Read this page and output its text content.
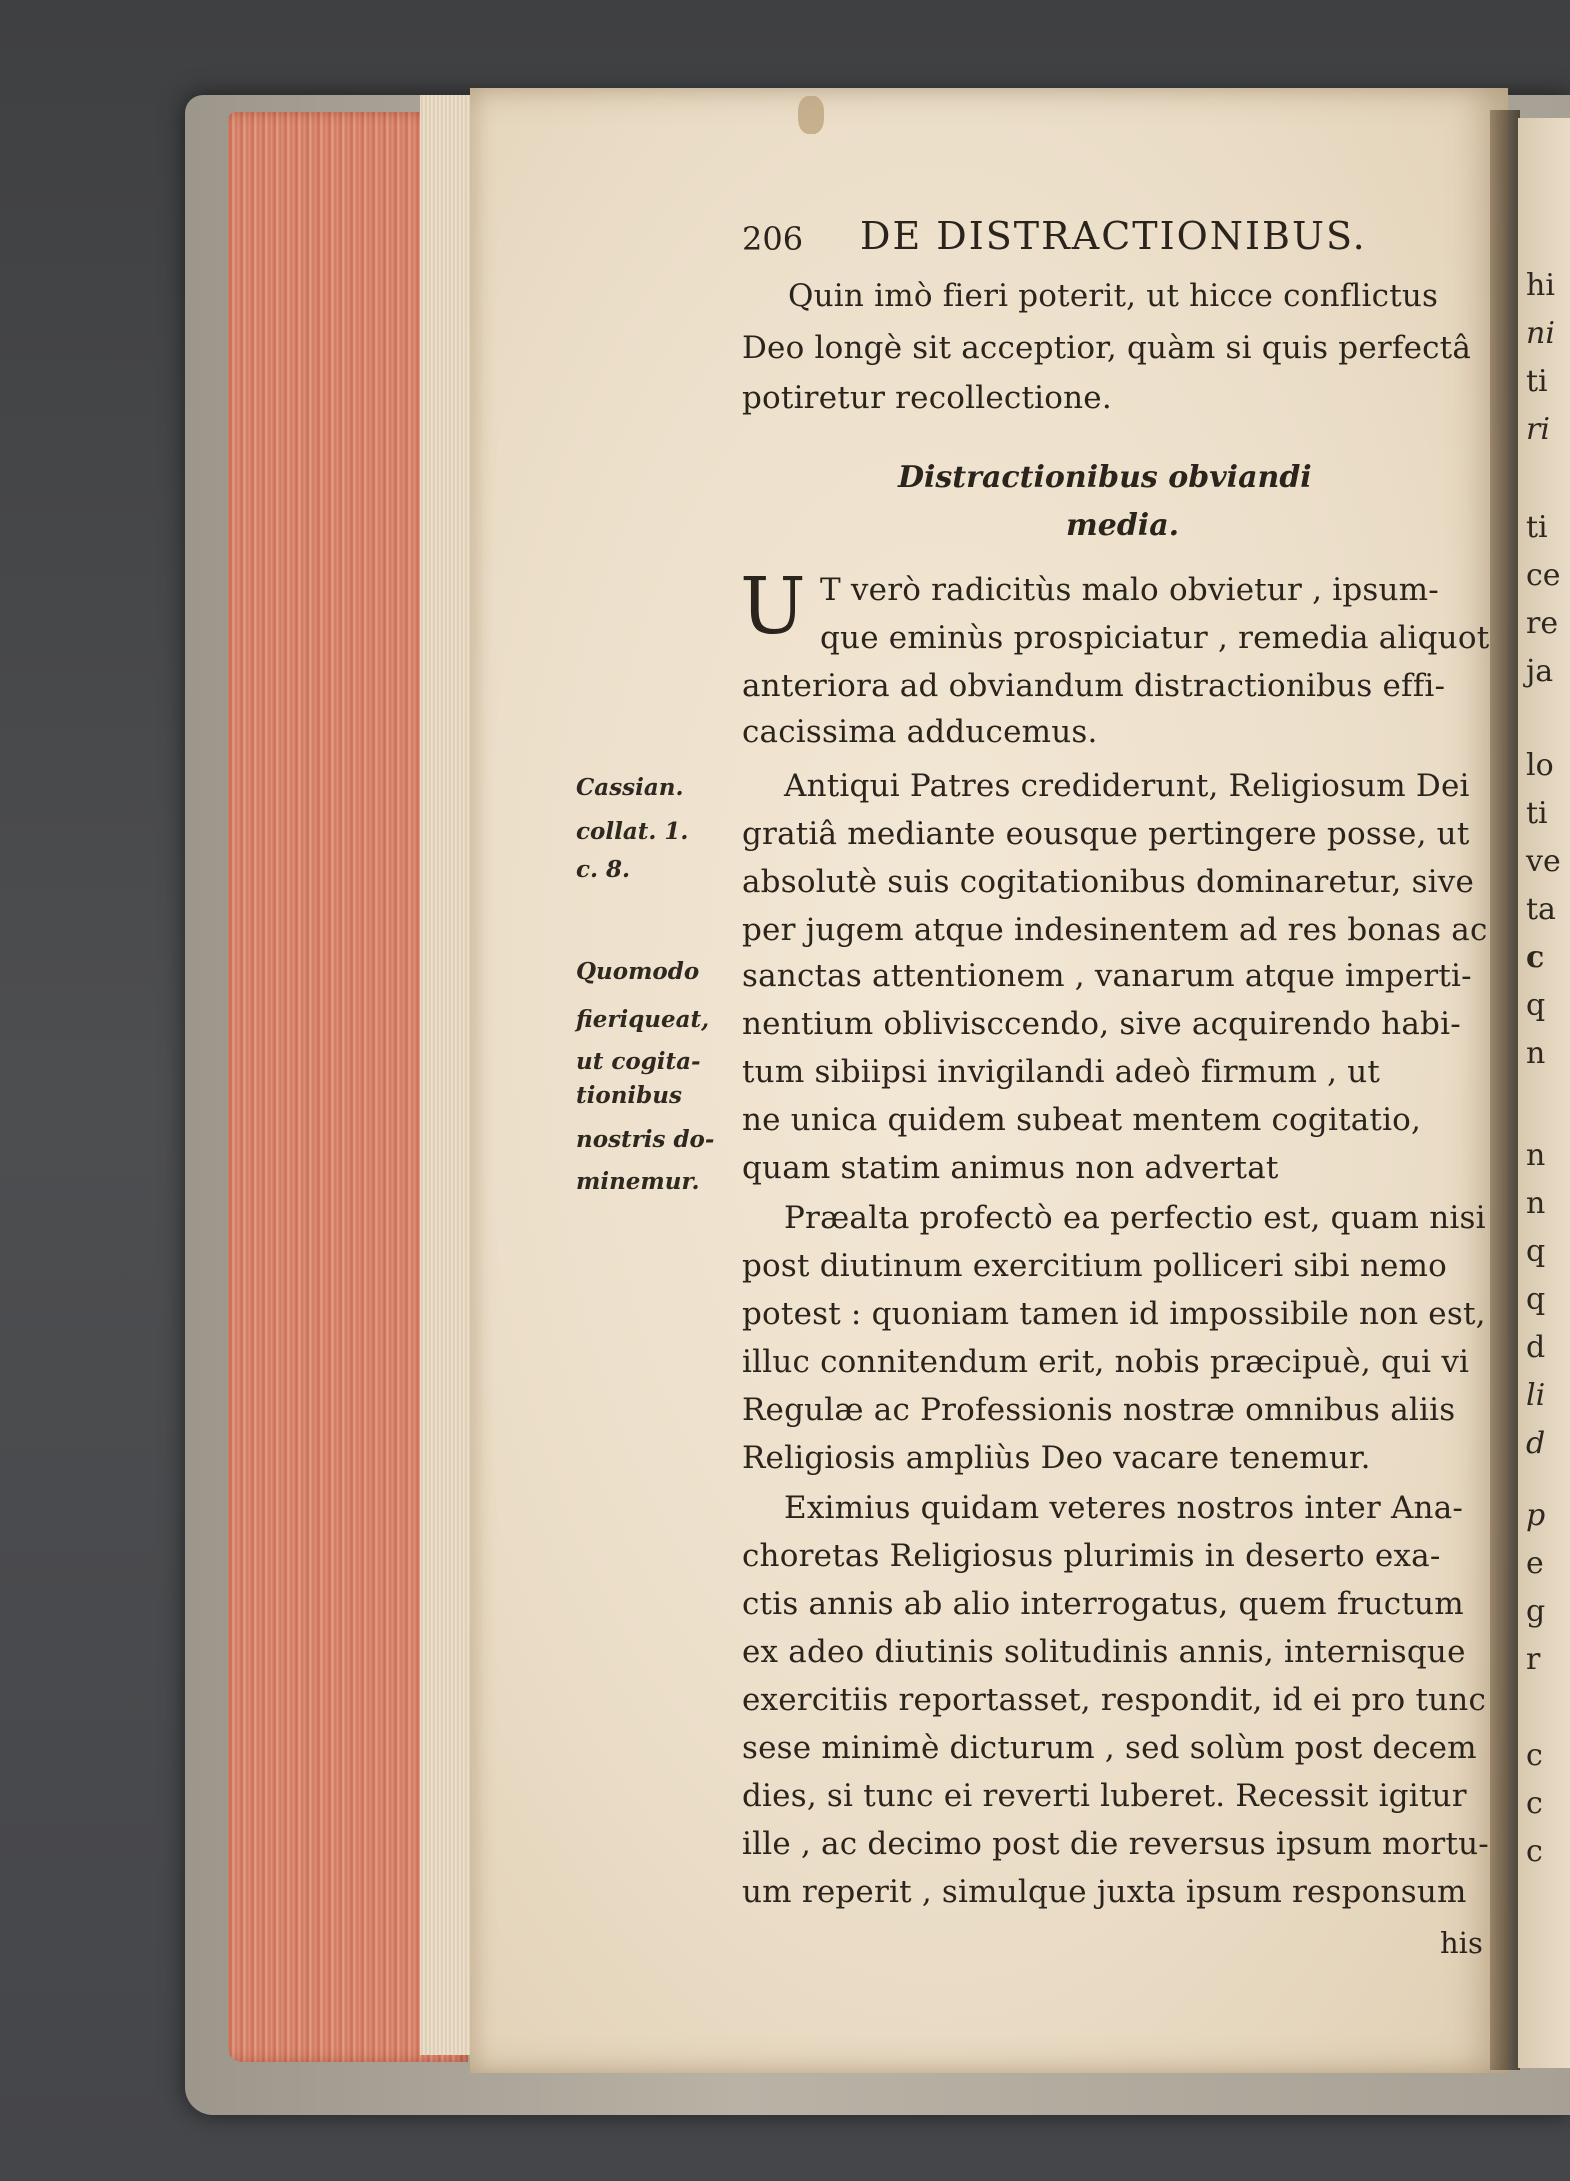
hi
ni
ti
ri
ti
ce
re
ja
lo
ti
ve
ta
c
q
n
n
n
q
q
d
li
d
p
e
g
r
c
c
c
206 DE DISTRACTIONIBUS.
Quin imò fieri poterit, ut hicce conflictus
Deo longè sit acceptior, quàm si quis perfectâ
potiretur recollectione.
Distractionibus obviandi
media.
U T verò radicitùs malo obvietur , ipsum-
que eminùs prospiciatur , remedia aliquot
anteriora ad obviandum distractionibus effi-
cacissima adducemus.
Antiqui Patres crediderunt, Religiosum Dei
gratiâ mediante eousque pertingere posse, ut
absolutè suis cogitationibus dominaretur, sive
per jugem atque indesinentem ad res bonas ac
sanctas attentionem , vanarum atque imperti-
nentium oblivisccendo, sive acquirendo habi-
tum sibiipsi invigilandi adeò firmum , ut
ne unica quidem subeat mentem cogitatio,
quam statim animus non advertat
Præalta profectò ea perfectio est, quam nisi
post diutinum exercitium polliceri sibi nemo
potest : quoniam tamen id impossibile non est,
illuc connitendum erit, nobis præcipuè, qui vi
Regulæ ac Professionis nostræ omnibus aliis
Religiosis ampliùs Deo vacare tenemur.
Eximius quidam veteres nostros inter Ana-
choretas Religiosus plurimis in deserto exa-
ctis annis ab alio interrogatus, quem fructum
ex adeo diutinis solitudinis annis, internisque
exercitiis reportasset, respondit, id ei pro tunc
sese minimè dicturum , sed solùm post decem
dies, si tunc ei reverti luberet. Recessit igitur
ille , ac decimo post die reversus ipsum mortu-
um reperit , simulque juxta ipsum responsum
his
Cassian.
collat. 1.
c. 8.
Quomodo
fieriqueat,
ut cogita-
tionibus
nostris do-
minemur.
